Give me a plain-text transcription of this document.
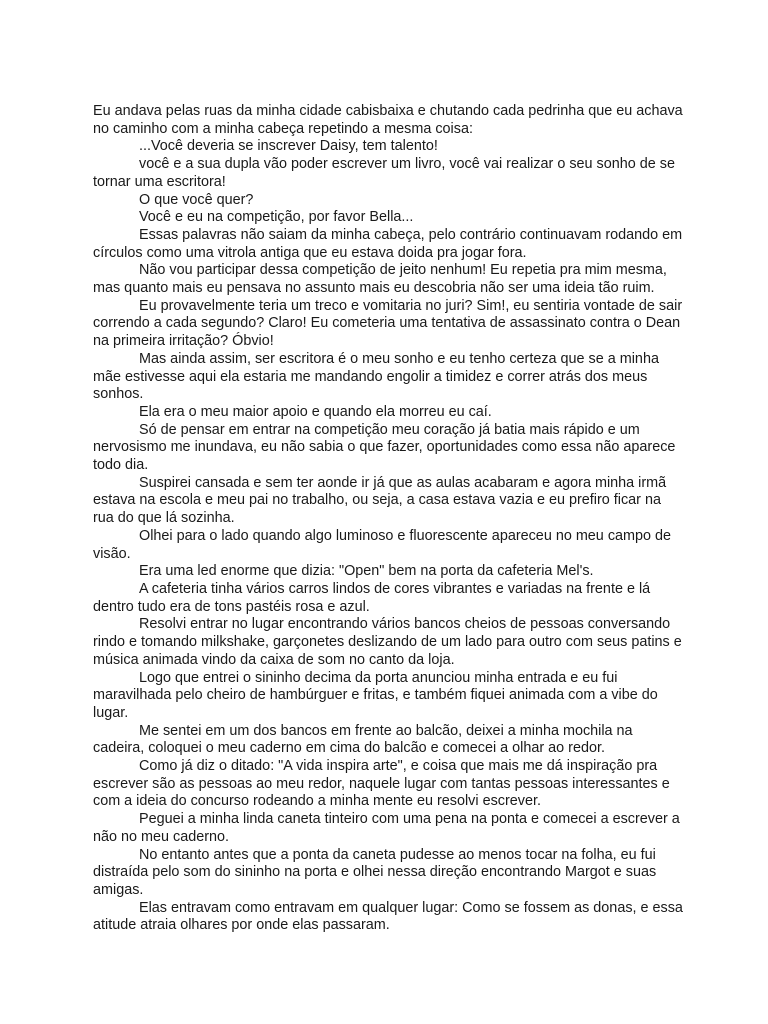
Eu andava pelas ruas da minha cidade cabisbaixa e chutando cada pedrinha que eu achava no caminho com a minha cabeça repetindo a mesma coisa:

...Você deveria se inscrever Daisy, tem talento!

você e a sua dupla vão poder escrever um livro, você vai realizar o seu sonho de se tornar uma escritora!

O que você quer?

Você e eu na competição, por favor Bella...

Essas palavras não saiam da minha cabeça, pelo contrário continuavam rodando em círculos como uma vitrola antiga que eu estava doida pra jogar fora.

Não vou participar dessa competição de jeito nenhum! Eu repetia pra mim mesma, mas quanto mais eu pensava no assunto mais eu descobria não ser uma ideia tão ruim.

Eu provavelmente teria um treco e vomitaria no juri? Sim!, eu sentiria vontade de sair correndo a cada segundo? Claro! Eu cometeria uma tentativa de assassinato contra o Dean na primeira irritação? Óbvio!

Mas ainda assim, ser escritora é o meu sonho e eu tenho certeza que se a minha mãe estivesse aqui ela estaria me mandando engolir a timidez e correr atrás dos meus sonhos.

Ela era o meu maior apoio e quando ela morreu eu caí.

Só de pensar em entrar na competição meu coração já batia mais rápido e um nervosismo me inundava, eu não sabia o que fazer, oportunidades como essa não aparece todo dia.

Suspirei cansada e sem ter aonde ir já que as aulas acabaram e agora minha irmã estava na escola e meu pai no trabalho, ou seja, a casa estava vazia e eu prefiro ficar na rua do que lá sozinha.

Olhei para o lado quando algo luminoso e fluorescente apareceu no meu campo de visão.

Era uma led enorme que dizia: "Open" bem na porta da cafeteria Mel's.

A cafeteria tinha vários carros lindos de cores vibrantes e variadas na frente e lá dentro tudo era de tons pastéis rosa e azul.

Resolvi entrar no lugar encontrando vários bancos cheios de pessoas conversando rindo e tomando milkshake, garçonetes deslizando de um lado para outro com seus patins e música animada vindo da caixa de som no canto da loja.

Logo que entrei o sininho decima da porta anunciou minha entrada e eu fui maravilhada pelo cheiro de hambúrguer e fritas, e também fiquei animada com a vibe do lugar.

Me sentei em um dos bancos em frente ao balcão, deixei a minha mochila na cadeira, coloquei o meu caderno em cima do balcão e comecei a olhar ao redor.

Como já diz o ditado: "A vida inspira arte", e coisa que mais me dá inspiração pra escrever são as pessoas ao meu redor, naquele lugar com tantas pessoas interessantes e com a ideia do concurso rodeando a minha mente eu resolvi escrever.

Peguei a minha linda caneta tinteiro com uma pena na ponta e comecei a escrever a não no meu caderno.

No entanto antes que a ponta da caneta pudesse ao menos tocar na folha, eu fui distraída pelo som do sininho na porta e olhei nessa direção encontrando Margot e suas amigas.

Elas entravam como entravam em qualquer lugar: Como se fossem as donas, e essa atitude atraia olhares por onde elas passaram.
